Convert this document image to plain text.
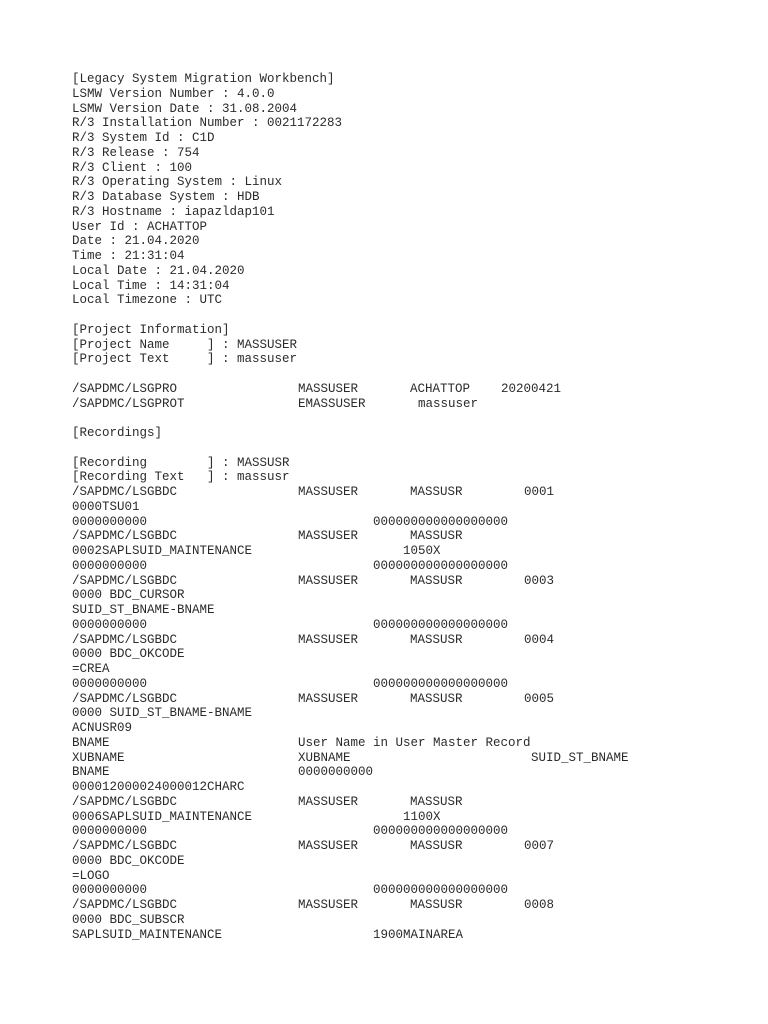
[Legacy System Migration Workbench]
LSMW Version Number : 4.0.0
LSMW Version Date : 31.08.2004
R/3 Installation Number : 0021172283
R/3 System Id : C1D
R/3 Release : 754
R/3 Client : 100
R/3 Operating System : Linux
R/3 Database System : HDB
R/3 Hostname : iapazldap101
User Id : ACHATTOP
Date : 21.04.2020
Time : 21:31:04
Local Date : 21.04.2020
Local Time : 14:31:04
Local Timezone : UTC
[Project Information]
[Project Name     ] : MASSUSER
[Project Text     ] : massuser
/SAPDMC/LSGPRO	MASSUSER	ACHATTOP 20200421
/SAPDMC/LSGPROT	EMASSUSER	massuser
[Recordings]
[Recording        ] : MASSUSR
[Recording Text   ] : massusr
/SAPDMC/LSGBDC	MASSUSER	MASSUSR	0001
0000TSU01
0000000000	000000000000000000
/SAPDMC/LSGBDC	MASSUSER	MASSUSR
0002SAPLSUID_MAINTENANCE	1050X
0000000000	000000000000000000
/SAPDMC/LSGBDC	MASSUSER	MASSUSR	0003
0000 BDC_CURSOR
SUID_ST_BNAME-BNAME
0000000000	000000000000000000
/SAPDMC/LSGBDC	MASSUSER	MASSUSR	0004
0000 BDC_OKCODE
=CREA
0000000000	000000000000000000
/SAPDMC/LSGBDC	MASSUSER	MASSUSR	0005
0000 SUID_ST_BNAME-BNAME
ACNUSR09
BNAME	User Name in User Master Record
XUBNAME	XUBNAME	SUID_ST_BNAME
BNAME	0000000000
000012000024000012CHARC
/SAPDMC/LSGBDC	MASSUSER	MASSUSR
0006SAPLSUID_MAINTENANCE	1100X
0000000000	000000000000000000
/SAPDMC/LSGBDC	MASSUSER	MASSUSR	0007
0000 BDC_OKCODE
=LOGO
0000000000	000000000000000000
/SAPDMC/LSGBDC	MASSUSER	MASSUSR	0008
0000 BDC_SUBSCR
SAPLSUID_MAINTENANCE	1900MAINAREA
